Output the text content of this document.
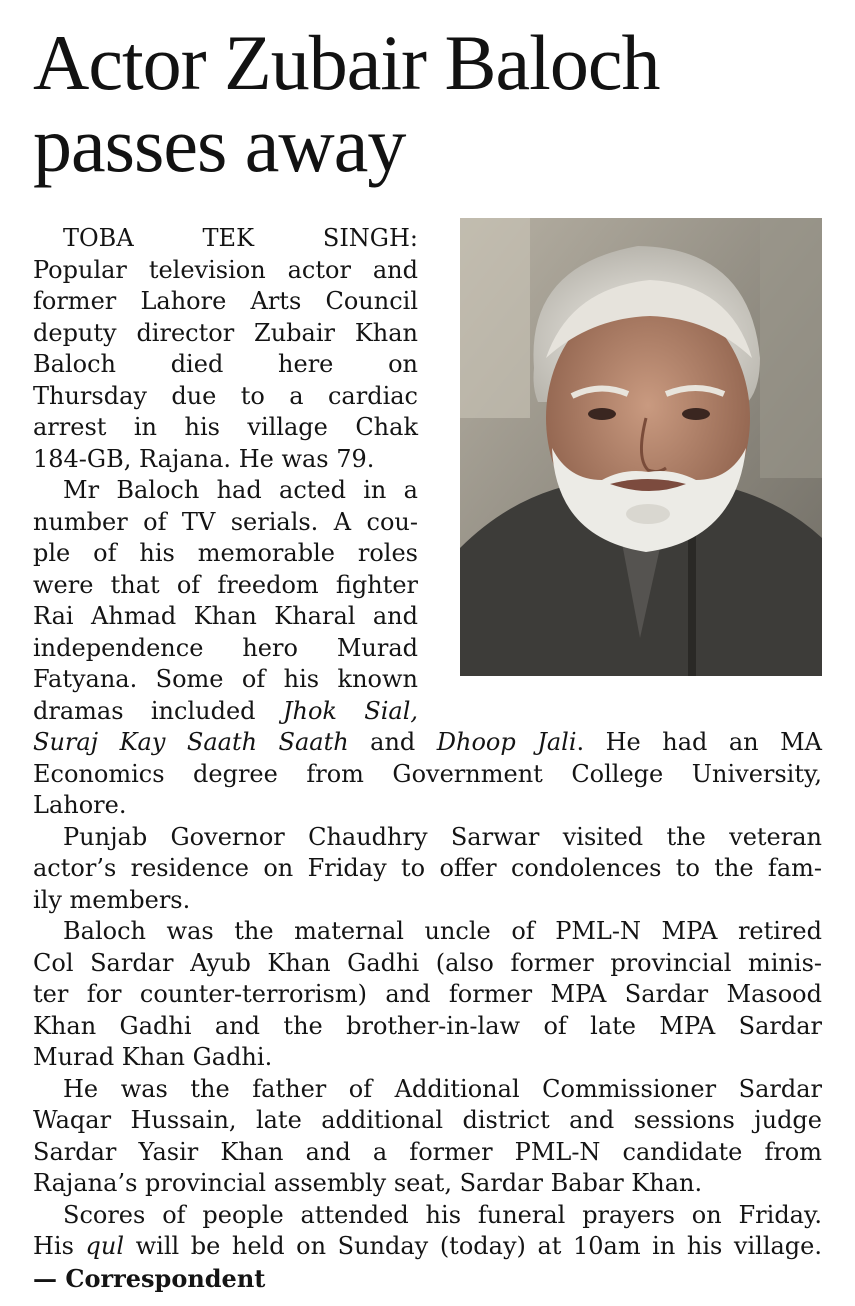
Actor Zubair Baloch
passes away
TOBA TEK SINGH:
Popular television actor and
former Lahore Arts Council
deputy director Zubair Khan
Baloch died here on
Thursday due to a cardiac
arrest in his village Chak
184-GB, Rajana. He was 79.
Mr Baloch had acted in a
number of TV serials. A cou-
ple of his memorable roles
were that of freedom fighter
Rai Ahmad Khan Kharal and
independence hero Murad
Fatyana. Some of his known
dramas included Jhok Sial,
Suraj Kay Saath Saath and Dhoop Jali. He had an MA
Economics degree from Government College University,
Lahore.
Punjab Governor Chaudhry Sarwar visited the veteran
actor’s residence on Friday to offer condolences to the fam-
ily members.
Baloch was the maternal uncle of PML-N MPA retired
Col Sardar Ayub Khan Gadhi (also former provincial minis-
ter for counter-terrorism) and former MPA Sardar Masood
Khan Gadhi and the brother-in-law of late MPA Sardar
Murad Khan Gadhi.
He was the father of Additional Commissioner Sardar
Waqar Hussain, late additional district and sessions judge
Sardar Yasir Khan and a former PML-N candidate from
Rajana’s provincial assembly seat, Sardar Babar Khan.
Scores of people attended his funeral prayers on Friday.
His qul will be held on Sunday (today) at 10am in his village.
— Correspondent
